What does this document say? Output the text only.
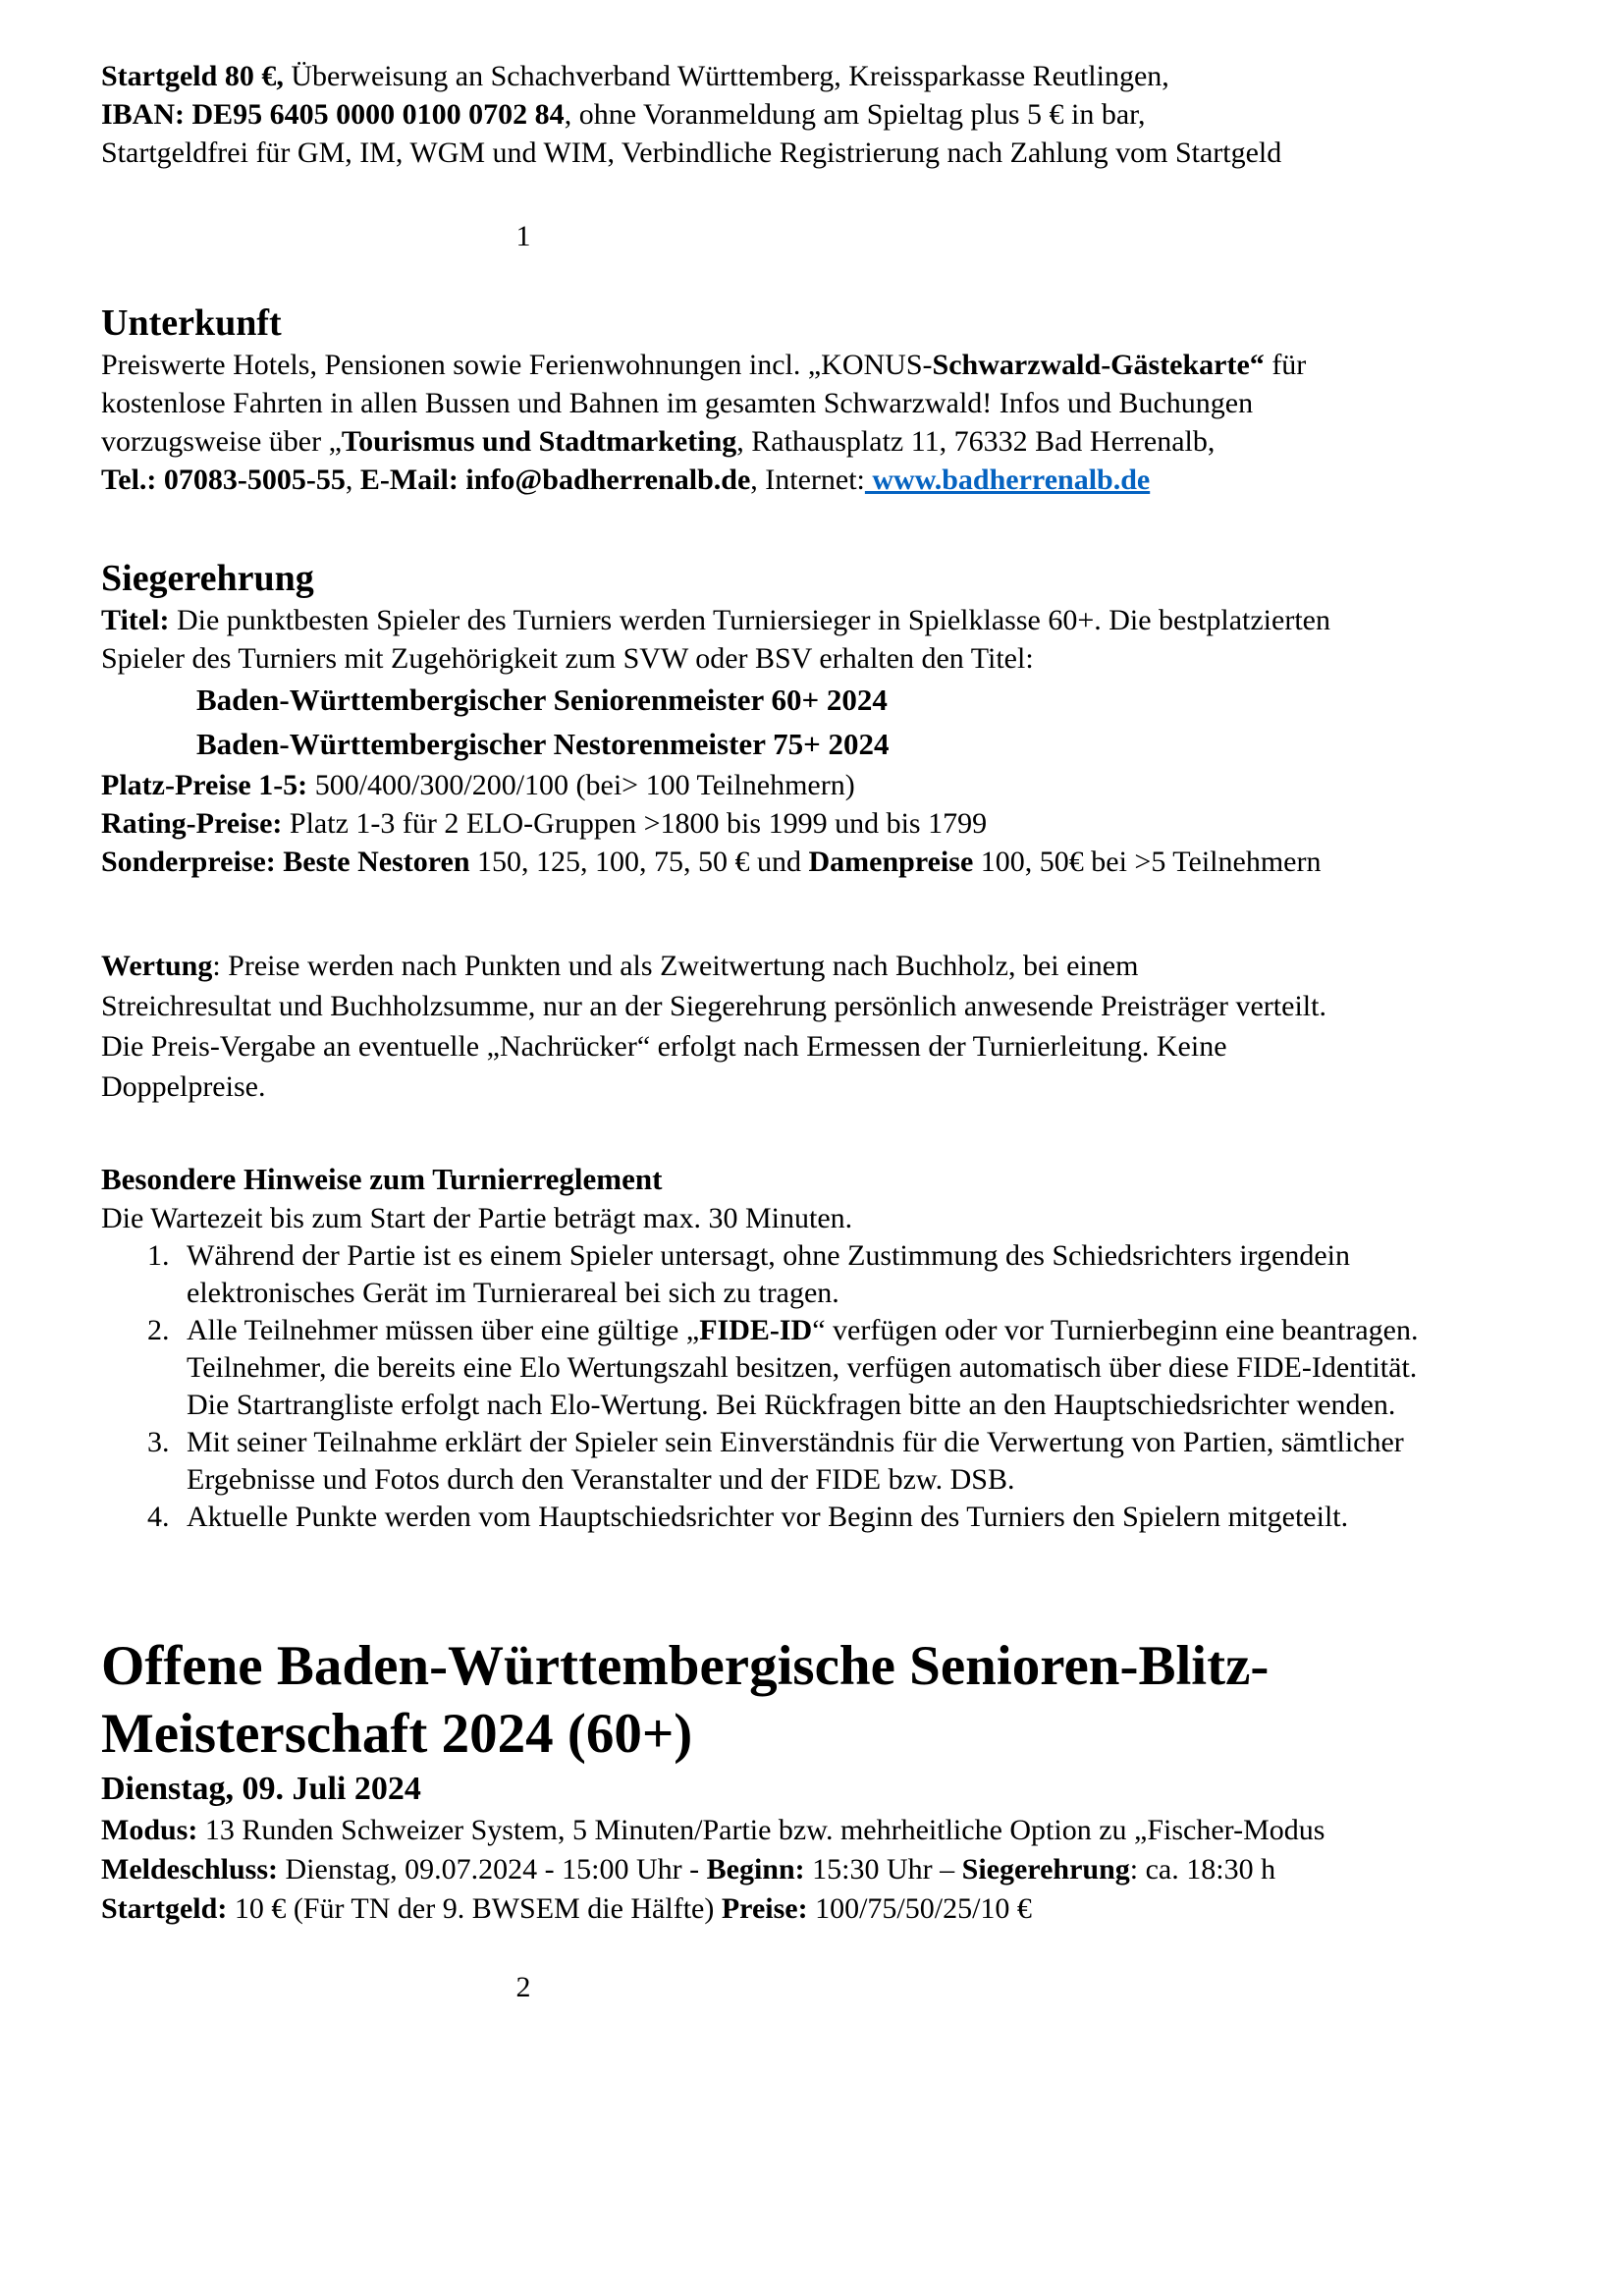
Startgeld 80 €, Überweisung an Schachverband Württemberg, Kreissparkasse Reutlingen,
IBAN: DE95 6405 0000 0100 0702 84, ohne Voranmeldung am Spieltag plus 5 € in bar,
Startgeldfrei für GM, IM, WGM und WIM, Verbindliche Registrierung nach Zahlung vom Startgeld
1
Unterkunft
Preiswerte Hotels, Pensionen sowie Ferienwohnungen incl. „KONUS-Schwarzwald-Gästekarte“ für
kostenlose Fahrten in allen Bussen und Bahnen im gesamten Schwarzwald! Infos und Buchungen
vorzugsweise über „Tourismus und Stadtmarketing, Rathausplatz 11, 76332 Bad Herrenalb,
Tel.: 07083-5005-55, E-Mail: info@badherrenalb.de, Internet: www.badherrenalb.de
Siegerehrung
Titel: Die punktbesten Spieler des Turniers werden Turniersieger in Spielklasse 60+. Die bestplatzierten
Spieler des Turniers mit Zugehörigkeit zum SVW oder BSV erhalten den Titel:
Baden-Württembergischer Seniorenmeister 60+ 2024
Baden-Württembergischer Nestorenmeister 75+ 2024
Platz-Preise 1-5: 500/400/300/200/100 (bei> 100 Teilnehmern)
Rating-Preise: Platz 1-3 für 2 ELO-Gruppen >1800 bis 1999 und bis 1799
Sonderpreise: Beste Nestoren 150, 125, 100, 75, 50 € und Damenpreise 100, 50€ bei >5 Teilnehmern
Wertung: Preise werden nach Punkten und als Zweitwertung nach Buchholz, bei einem
Streichresultat und Buchholzsumme, nur an der Siegerehrung persönlich anwesende Preisträger verteilt.
Die Preis-Vergabe an eventuelle „Nachrücker“ erfolgt nach Ermessen der Turnierleitung. Keine
Doppelpreise.
Besondere Hinweise zum Turnierreglement
Die Wartezeit bis zum Start der Partie beträgt max. 30 Minuten.
1. Während der Partie ist es einem Spieler untersagt, ohne Zustimmung des Schiedsrichters irgendein
elektronisches Gerät im Turnierareal bei sich zu tragen.
2. Alle Teilnehmer müssen über eine gültige „FIDE-ID“ verfügen oder vor Turnierbeginn eine beantragen.
Teilnehmer, die bereits eine Elo Wertungszahl besitzen, verfügen automatisch über diese FIDE-Identität.
Die Startrangliste erfolgt nach Elo-Wertung. Bei Rückfragen bitte an den Hauptschiedsrichter wenden.
3. Mit seiner Teilnahme erklärt der Spieler sein Einverständnis für die Verwertung von Partien, sämtlicher
Ergebnisse und Fotos durch den Veranstalter und der FIDE bzw. DSB.
4. Aktuelle Punkte werden vom Hauptschiedsrichter vor Beginn des Turniers den Spielern mitgeteilt.
Offene Baden-Württembergische Senioren-Blitz-
Meisterschaft 2024 (60+)
Dienstag, 09. Juli 2024
Modus: 13 Runden Schweizer System, 5 Minuten/Partie bzw. mehrheitliche Option zu „Fischer-Modus
Meldeschluss: Dienstag, 09.07.2024 - 15:00 Uhr - Beginn: 15:30 Uhr – Siegerehrung: ca. 18:30 h
Startgeld: 10 € (Für TN der 9. BWSEM die Hälfte) Preise: 100/75/50/25/10 €
2
